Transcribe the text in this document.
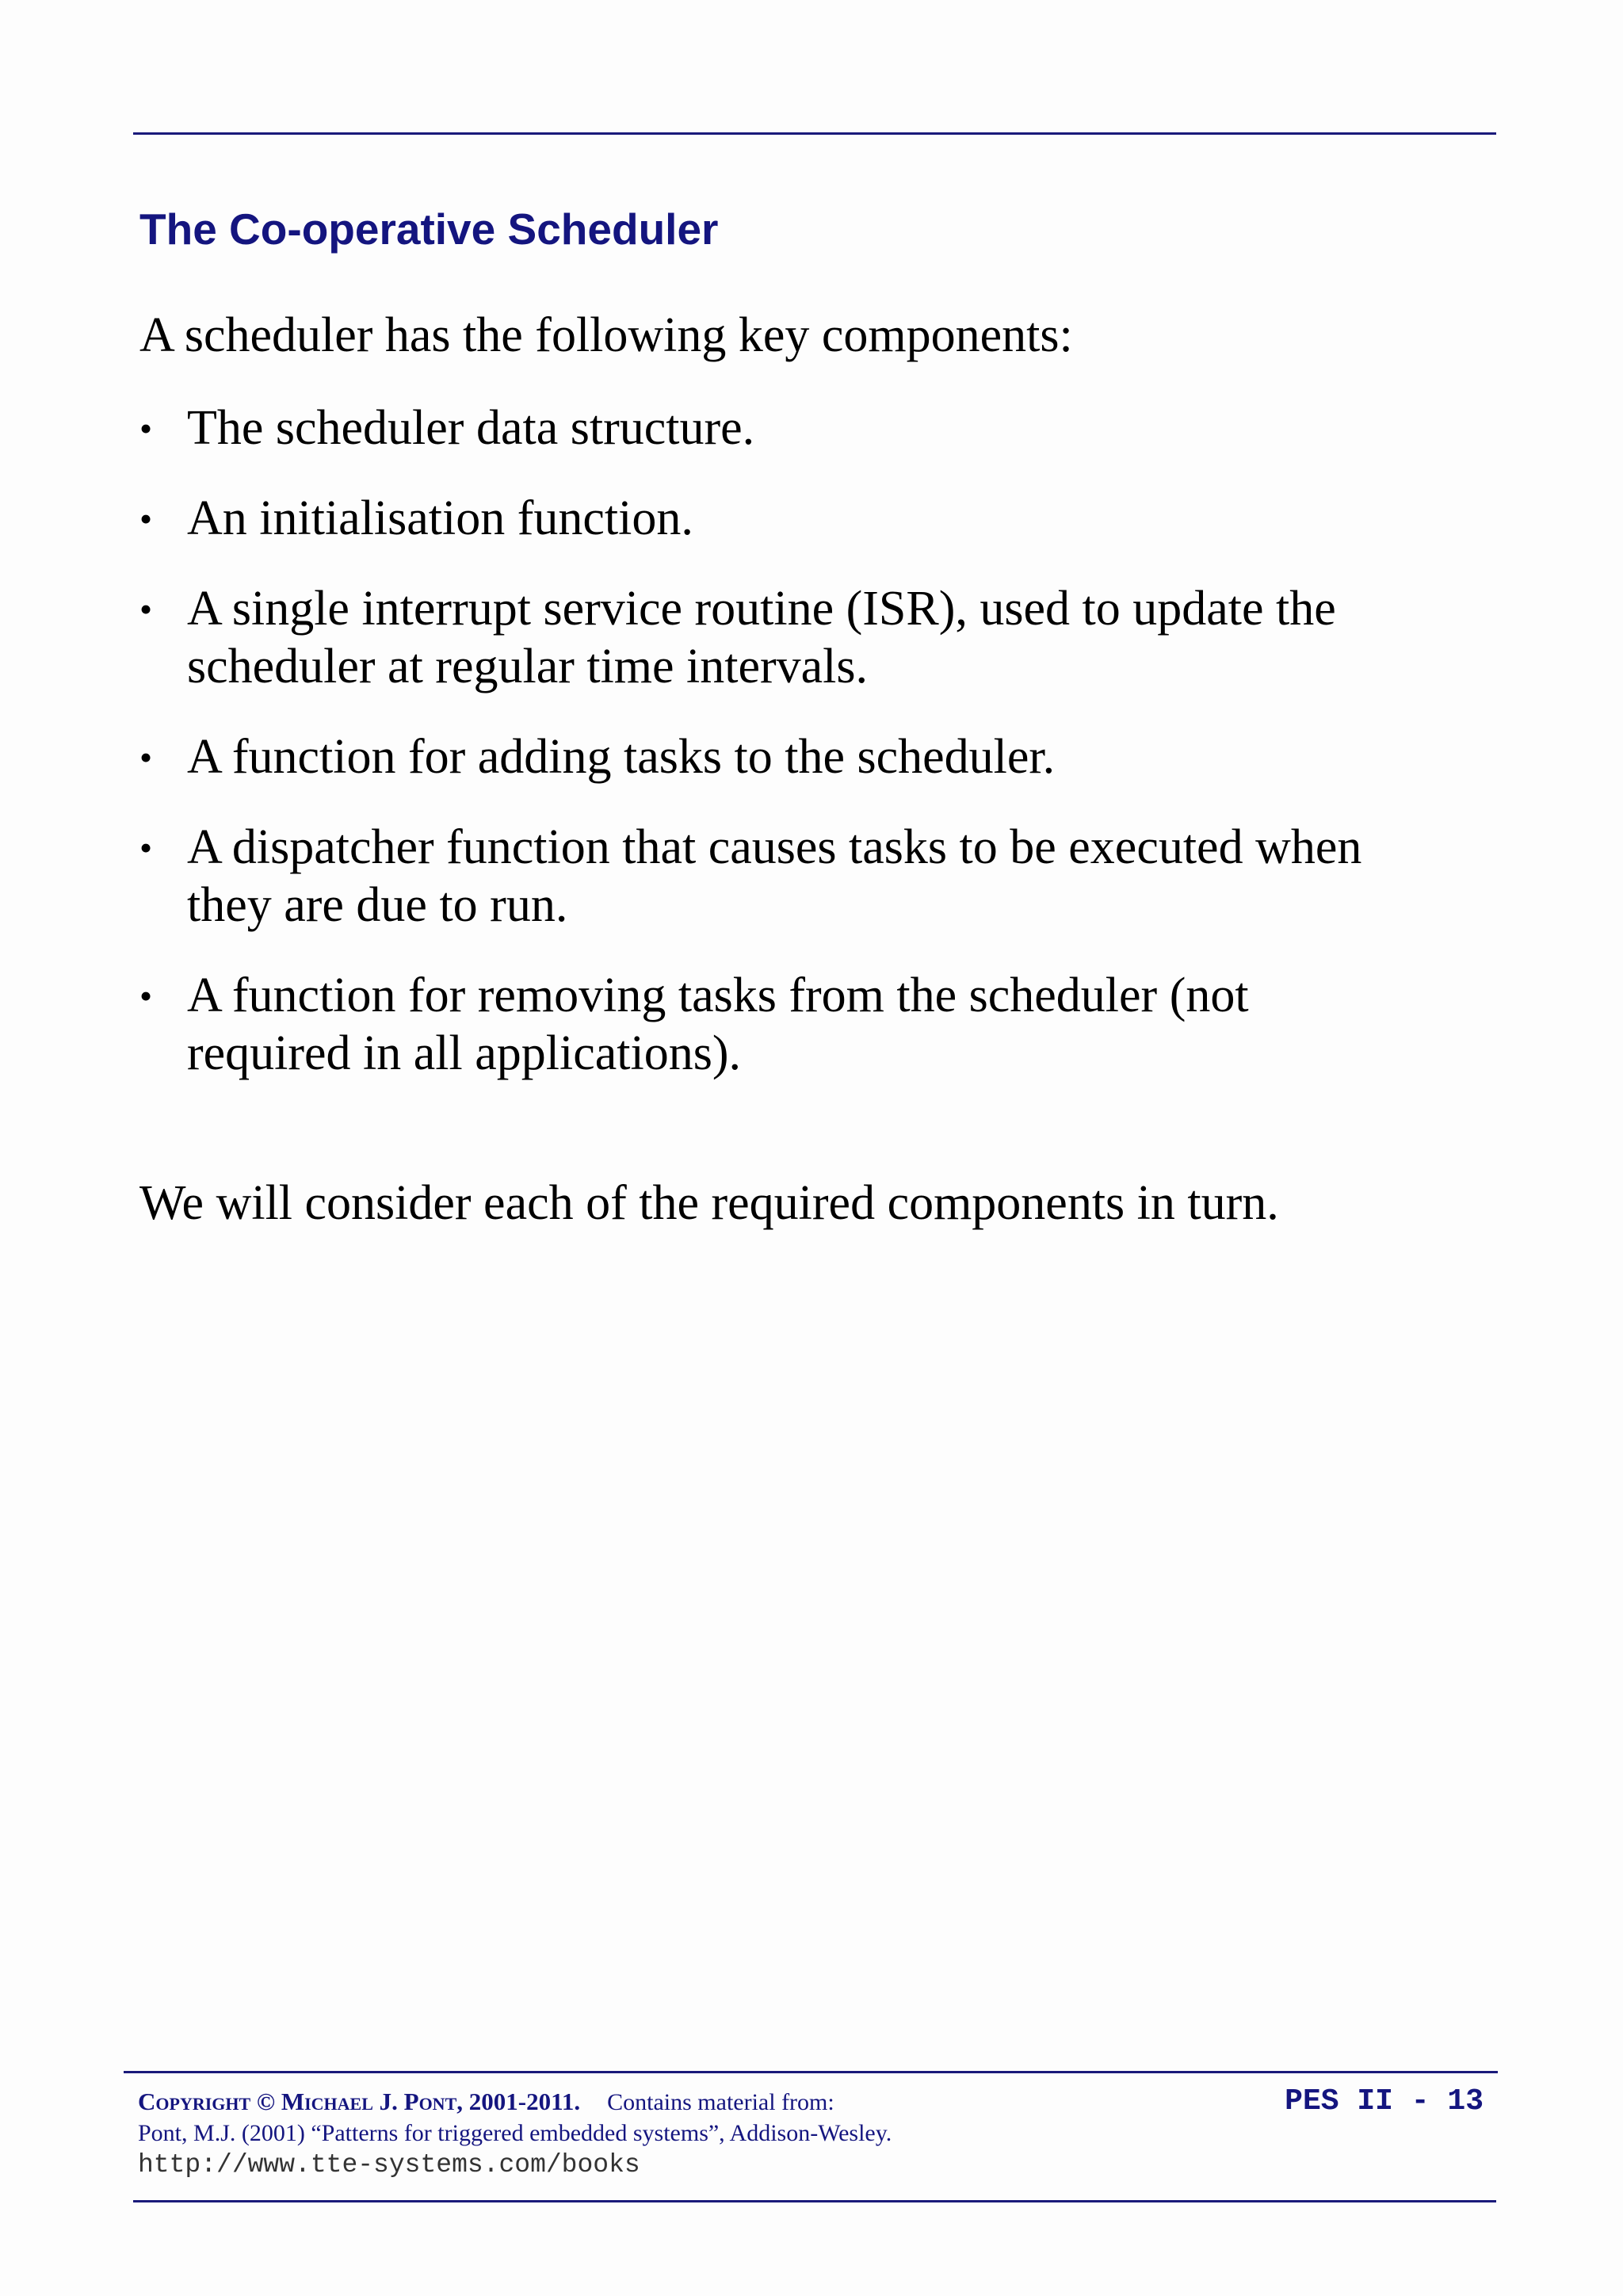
The Co-operative Scheduler

A scheduler has the following key components:

• The scheduler data structure.
• An initialisation function.
• A single interrupt service routine (ISR), used to update the
scheduler at regular time intervals.
• A function for adding tasks to the scheduler.
• A dispatcher function that causes tasks to be executed when
they are due to run.
• A function for removing tasks from the scheduler (not
required in all applications).

We will consider each of the required components in turn.

Copyright © Michael J. Pont, 2001-2011. Contains material from:

Pont, M.J. (2001) “Patterns for triggered embedded systems”, Addison-Wesley.

http://www.tte-systems.com/books

PES II - 13
